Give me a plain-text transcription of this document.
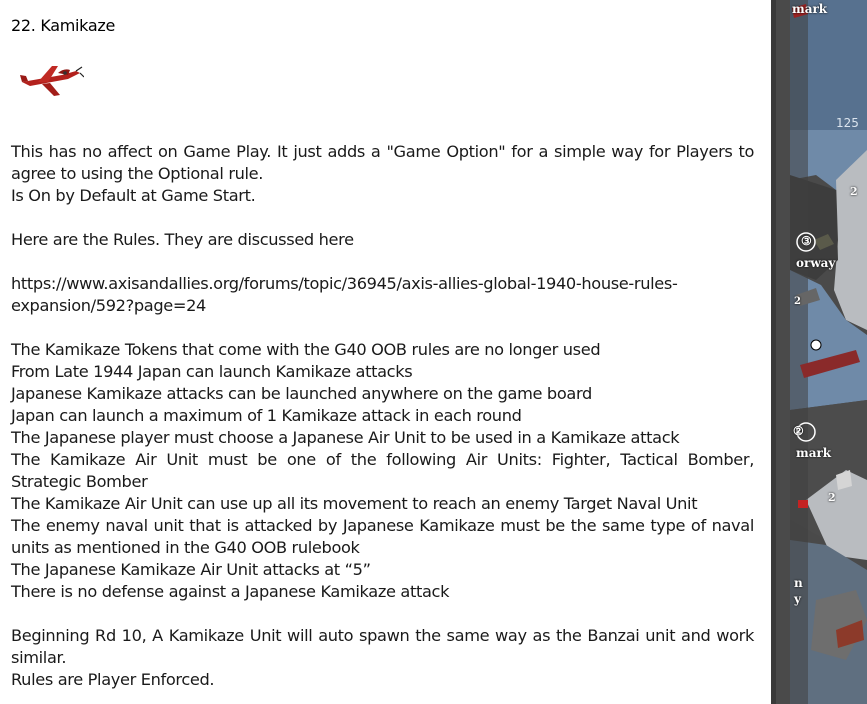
22. Kamikaze

This has no affect on Game Play. It just adds a "Game Option" for a simple way for Players to agree to using the Optional rule.

Is On by Default at Game Start.

Here are the Rules. They are discussed here

https://www.axisandallies.org/forums/topic/36945/axis-allies-global-1940-house-rules-expansion/592?page=24

The Kamikaze Tokens that come with the G40 OOB rules are no longer used

From Late 1944 Japan can launch Kamikaze attacks

Japanese Kamikaze attacks can be launched anywhere on the game board

Japan can launch a maximum of 1 Kamikaze attack in each round

The Japanese player must choose a Japanese Air Unit to be used in a Kamikaze attack

The Kamikaze Air Unit must be one of the following Air Units: Fighter, Tactical Bomber, Strategic Bomber

The Kamikaze Air Unit can use up all its movement to reach an enemy Target Naval Unit

The enemy naval unit that is attacked by Japanese Kamikaze must be the same type of naval units as mentioned in the G40 OOB rulebook

The Japanese Kamikaze Air Unit attacks at “5”

There is no defense against a Japanese Kamikaze attack

Beginning Rd 10, A Kamikaze Unit will auto spawn the same way as the Banzai unit and work similar.

Rules are Player Enforced.

mark
125
2
③
orway
2
②
mark
2
n
y
